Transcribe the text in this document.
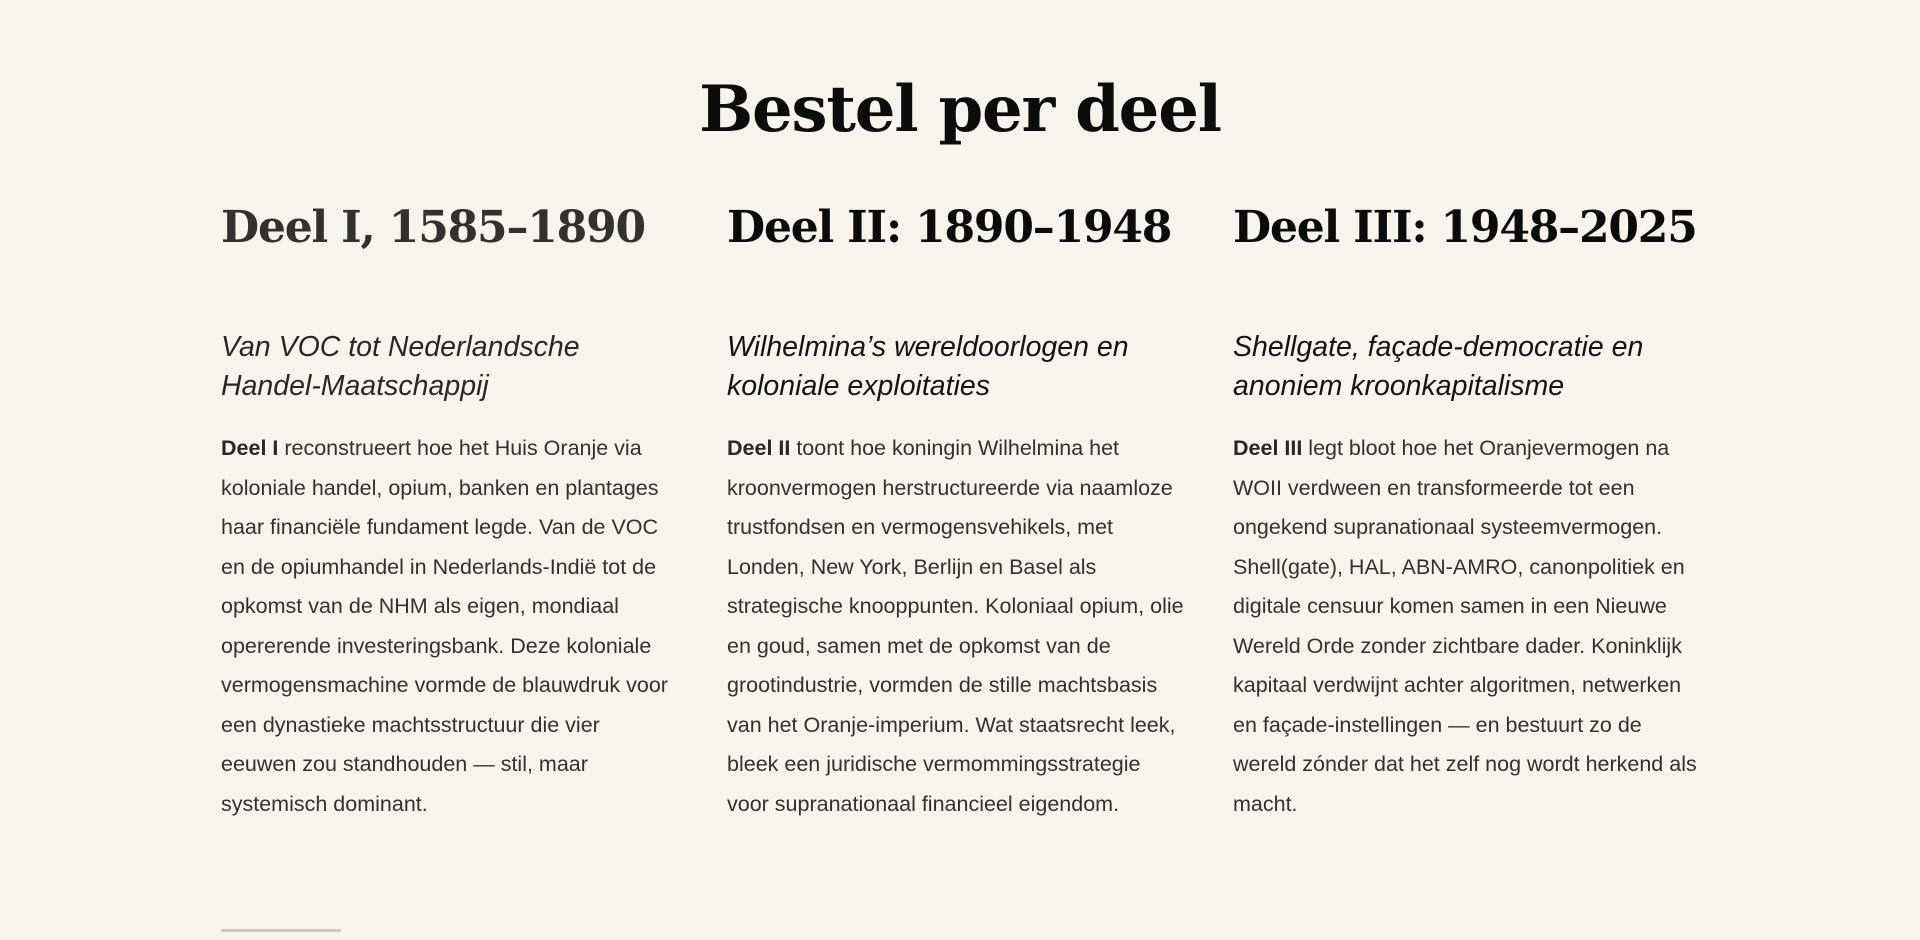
Bestel per deel
Deel I, 1585–1890

Van VOC tot Nederlandsche Handel-Maatschappij

Deel I reconstrueert hoe het Huis Oranje via koloniale handel, opium, banken en plantages haar financiële fundament legde. Van de VOC en de opiumhandel in Nederlands-Indië tot de opkomst van de NHM als eigen, mondiaal opererende investeringsbank. Deze koloniale vermogensmachine vormde de blauwdruk voor een dynastieke machtsstructuur die vier eeuwen zou standhouden — stil, maar systemisch dominant.

Deel II: 1890–1948

Wilhelmina’s wereldoorlogen en koloniale exploitaties

Deel II toont hoe koningin Wilhelmina het kroonvermogen herstructureerde via naamloze trustfondsen en vermogensvehikels, met Londen, New York, Berlijn en Basel als strategische knooppunten. Koloniaal opium, olie en goud, samen met de opkomst van de grootindustrie, vormden de stille machtsbasis van het Oranje-imperium. Wat staatsrecht leek, bleek een juridische vermommingsstrategie voor supranationaal financieel eigendom.

Deel III: 1948–2025

Shellgate, façade-democratie en anoniem kroonkapitalisme

Deel III legt bloot hoe het Oranjevermogen na WOII verdween en transformeerde tot een ongekend supranationaal systeemvermogen. Shell(gate), HAL, ABN-AMRO, canonpolitiek en digitale censuur komen samen in een Nieuwe Wereld Orde zonder zichtbare dader. Koninklijk kapitaal verdwijnt achter algoritmen, netwerken en façade-instellingen — en bestuurt zo de wereld zónder dat het zelf nog wordt herkend als macht.
